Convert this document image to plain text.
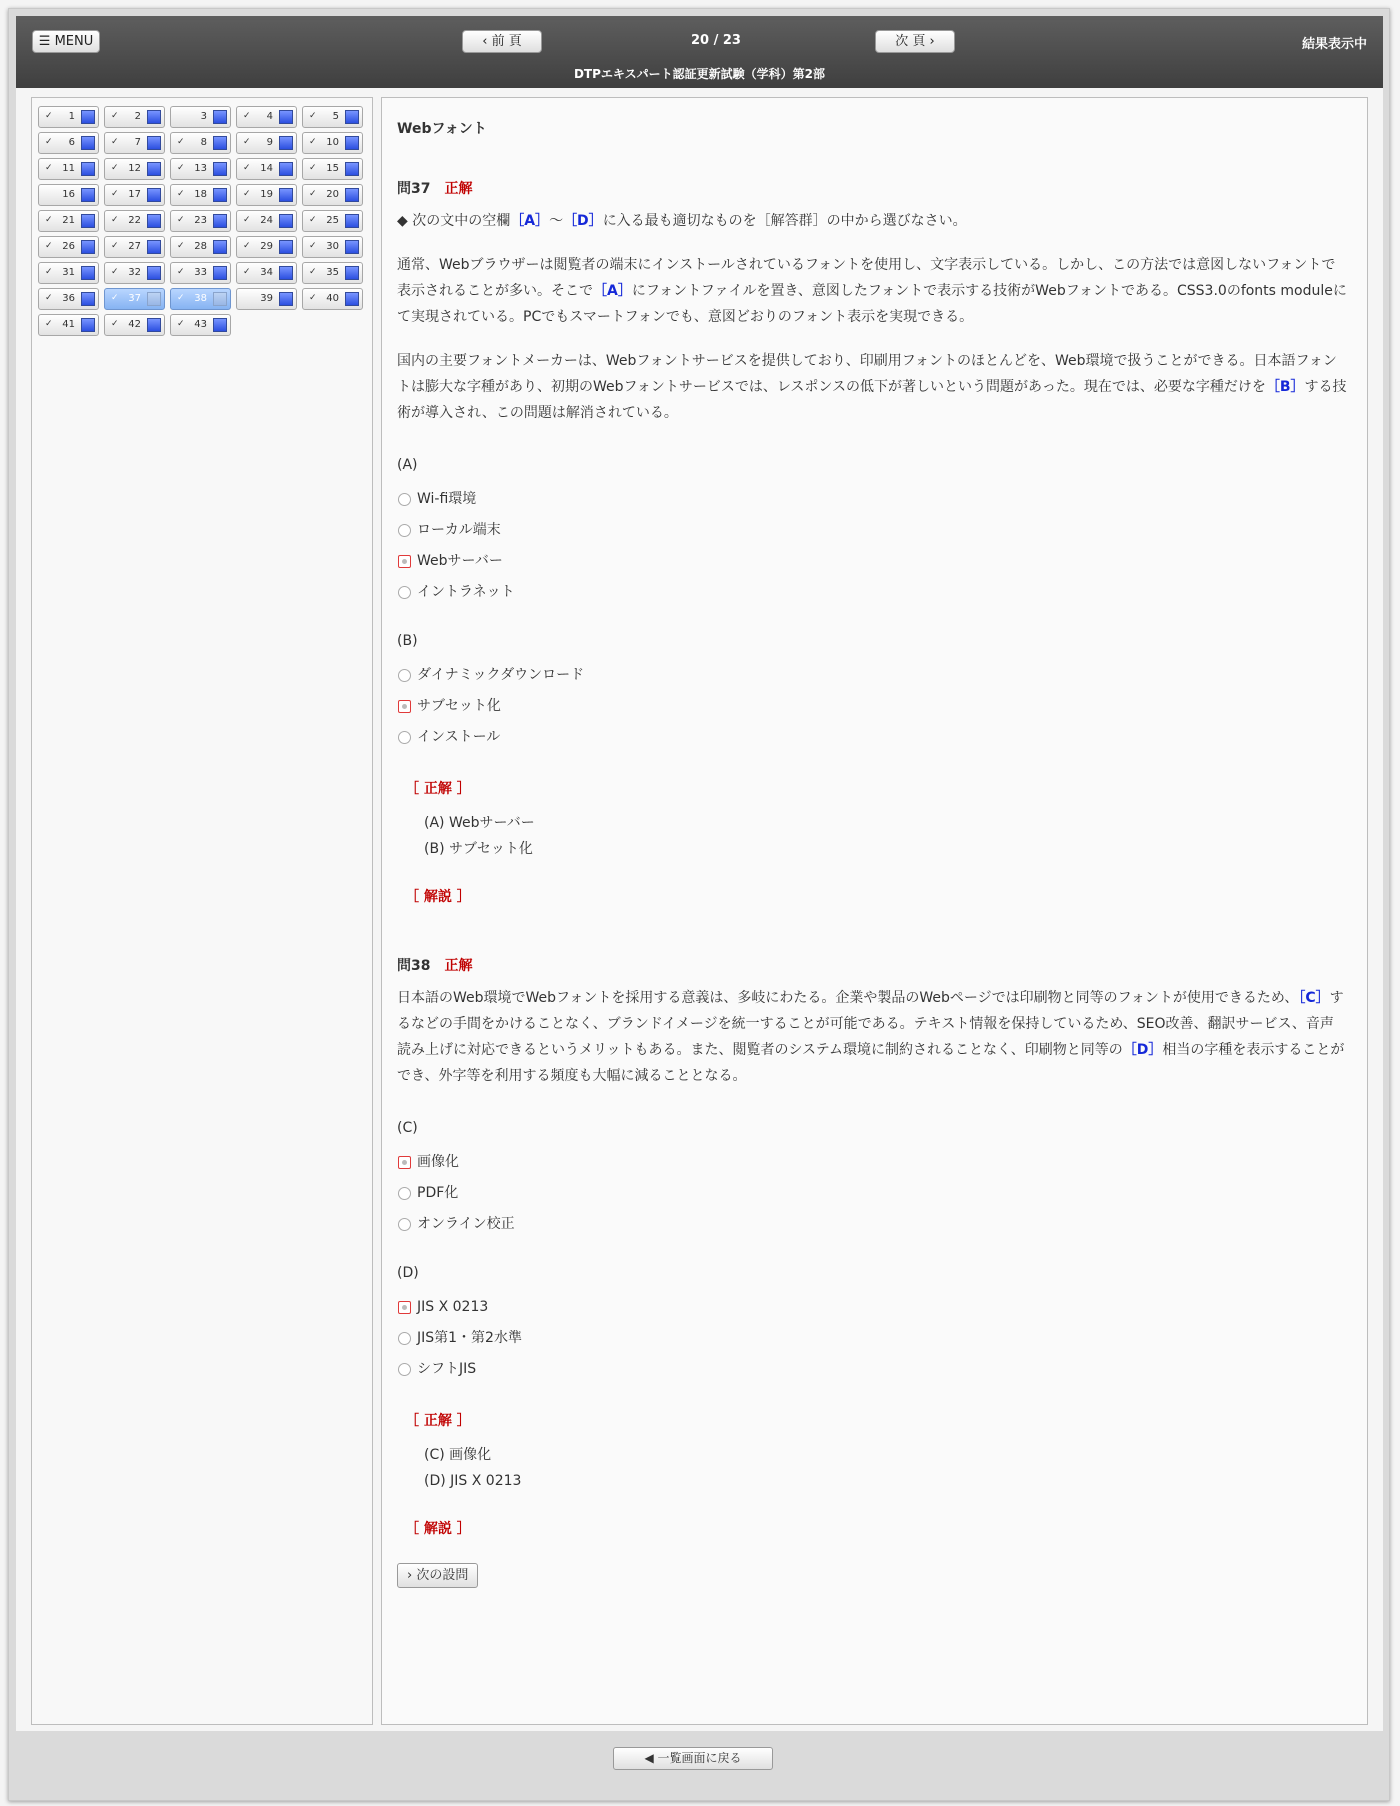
☰ MENU	‹ 前 頁	20 / 23	次 頁 ›	結果表示中
DTPエキスパート認証更新試験（学科）第2部
✓ 1	✓ 2	3	✓ 4	✓ 5
✓ 6	✓ 7	✓ 8	✓ 9	✓ 10
✓ 11	✓ 12	✓ 13	✓ 14	✓ 15
16	✓ 17	✓ 18	✓ 19	✓ 20
✓ 21	✓ 22	✓ 23	✓ 24	✓ 25
✓ 26	✓ 27	✓ 28	✓ 29	✓ 30
✓ 31	✓ 32	✓ 33	✓ 34	✓ 35
✓ 36	✓ 37	✓ 38	39	✓ 40
✓ 41	✓ 42	✓ 43
Webフォント
問37 正解
◆ 次の文中の空欄［A］〜［D］に入る最も適切なものを［解答群］の中から選びなさい。
通常、Webブラウザーは閲覧者の端末にインストールされているフォントを使用し、文字表示している。しかし、この方法では意図しないフォントで表示されることが多い。そこで［A］にフォントファイルを置き、意図したフォントで表示する技術がWebフォントである。CSS3.0のfonts moduleにて実現されている。PCでもスマートフォンでも、意図どおりのフォント表示を実現できる。
国内の主要フォントメーカーは、Webフォントサービスを提供しており、印刷用フォントのほとんどを、Web環境で扱うことができる。日本語フォントは膨大な字種があり、初期のWebフォントサービスでは、レスポンスの低下が著しいという問題があった。現在では、必要な字種だけを［B］する技術が導入され、この問題は解消されている。
(A)
Wi-fi環境
ローカル端末
Webサーバー
イントラネット
(B)
ダイナミックダウンロード
サブセット化
インストール
［ 正解 ］
(A) Webサーバー
(B) サブセット化
［ 解説 ］
問38 正解
日本語のWeb環境でWebフォントを採用する意義は、多岐にわたる。企業や製品のWebページでは印刷物と同等のフォントが使用できるため、［C］するなどの手間をかけることなく、ブランドイメージを統一することが可能である。テキスト情報を保持しているため、SEO改善、翻訳サービス、音声読み上げに対応できるというメリットもある。また、閲覧者のシステム環境に制約されることなく、印刷物と同等の［D］相当の字種を表示することができ、外字等を利用する頻度も大幅に減ることとなる。
(C)
画像化
PDF化
オンライン校正
(D)
JIS X 0213
JIS第1・第2水準
シフトJIS
［ 正解 ］
(C) 画像化
(D) JIS X 0213
［ 解説 ］
› 次の設問
◀ 一覧画面に戻る
